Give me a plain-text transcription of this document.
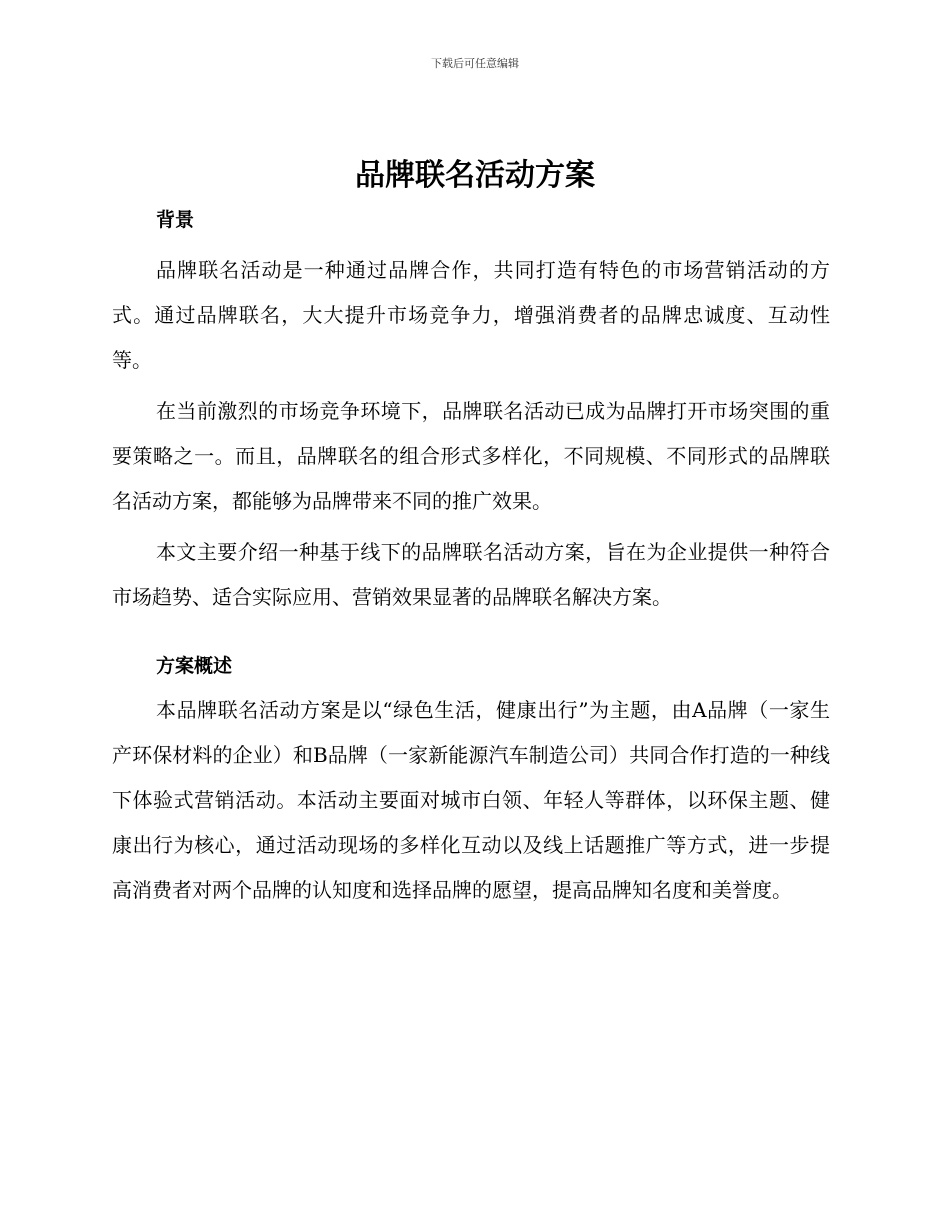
下载后可任意编辑
品牌联名活动方案
背景

品牌联名活动是一种通过品牌合作，共同打造有特色的市场营销活动的方式。通过品牌联名，大大提升市场竞争力，增强消费者的品牌忠诚度、互动性等。

在当前激烈的市场竞争环境下，品牌联名活动已成为品牌打开市场突围的重要策略之一。而且，品牌联名的组合形式多样化，不同规模、不同形式的品牌联名活动方案，都能够为品牌带来不同的推广效果。

本文主要介绍一种基于线下的品牌联名活动方案，旨在为企业提供一种符合市场趋势、适合实际应用、营销效果显著的品牌联名解决方案。

方案概述

本品牌联名活动方案是以“绿色生活，健康出行”为主题，由A品牌（一家生产环保材料的企业）和B品牌（一家新能源汽车制造公司）共同合作打造的一种线下体验式营销活动。本活动主要面对城市白领、年轻人等群体，以环保主题、健康出行为核心，通过活动现场的多样化互动以及线上话题推广等方式，进一步提高消费者对两个品牌的认知度和选择品牌的愿望，提高品牌知名度和美誉度。
